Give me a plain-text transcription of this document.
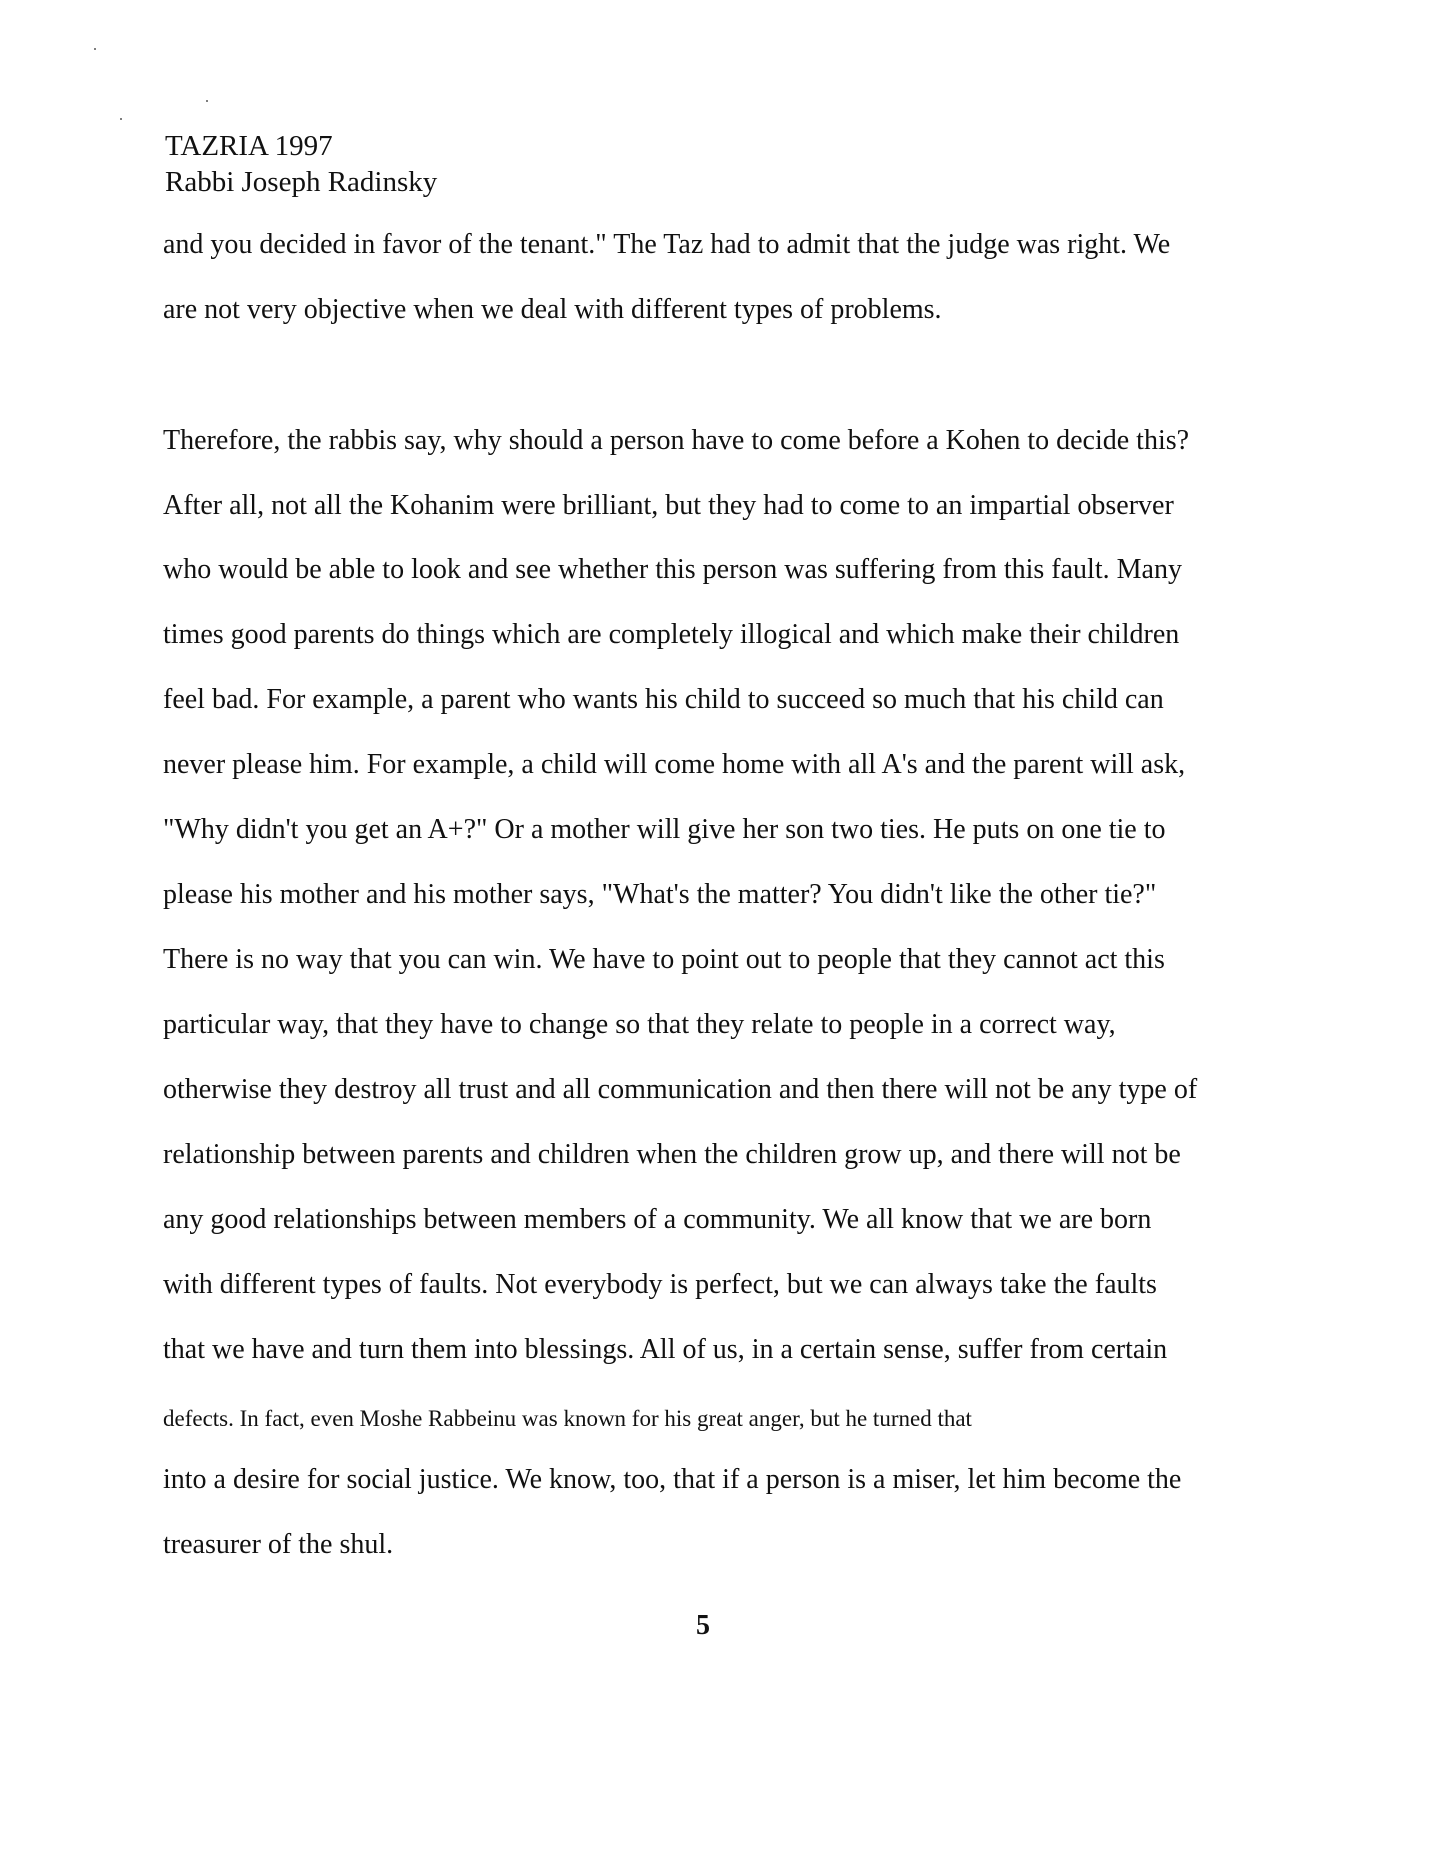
TAZRIA 1997
Rabbi Joseph Radinsky
and you decided in favor of the tenant." The Taz had to admit that the judge was right. We
are not very objective when we deal with different types of problems.
Therefore, the rabbis say, why should a person have to come before a Kohen to decide this?
After all, not all the Kohanim were brilliant, but they had to come to an impartial observer
who would be able to look and see whether this person was suffering from this fault. Many
times good parents do things which are completely illogical and which make their children
feel bad. For example, a parent who wants his child to succeed so much that his child can
never please him. For example, a child will come home with all A's and the parent will ask,
"Why didn't you get an A+?" Or a mother will give her son two ties. He puts on one tie to
please his mother and his mother says, "What's the matter? You didn't like the other tie?"
There is no way that you can win. We have to point out to people that they cannot act this
particular way, that they have to change so that they relate to people in a correct way,
otherwise they destroy all trust and all communication and then there will not be any type of
relationship between parents and children when the children grow up, and there will not be
any good relationships between members of a community. We all know that we are born
with different types of faults. Not everybody is perfect, but we can always take the faults
that we have and turn them into blessings. All of us, in a certain sense, suffer from certain
defects. In fact, even Moshe Rabbeinu was known for his great anger, but he turned that
into a desire for social justice. We know, too, that if a person is a miser, let him become the
treasurer of the shul.
5
